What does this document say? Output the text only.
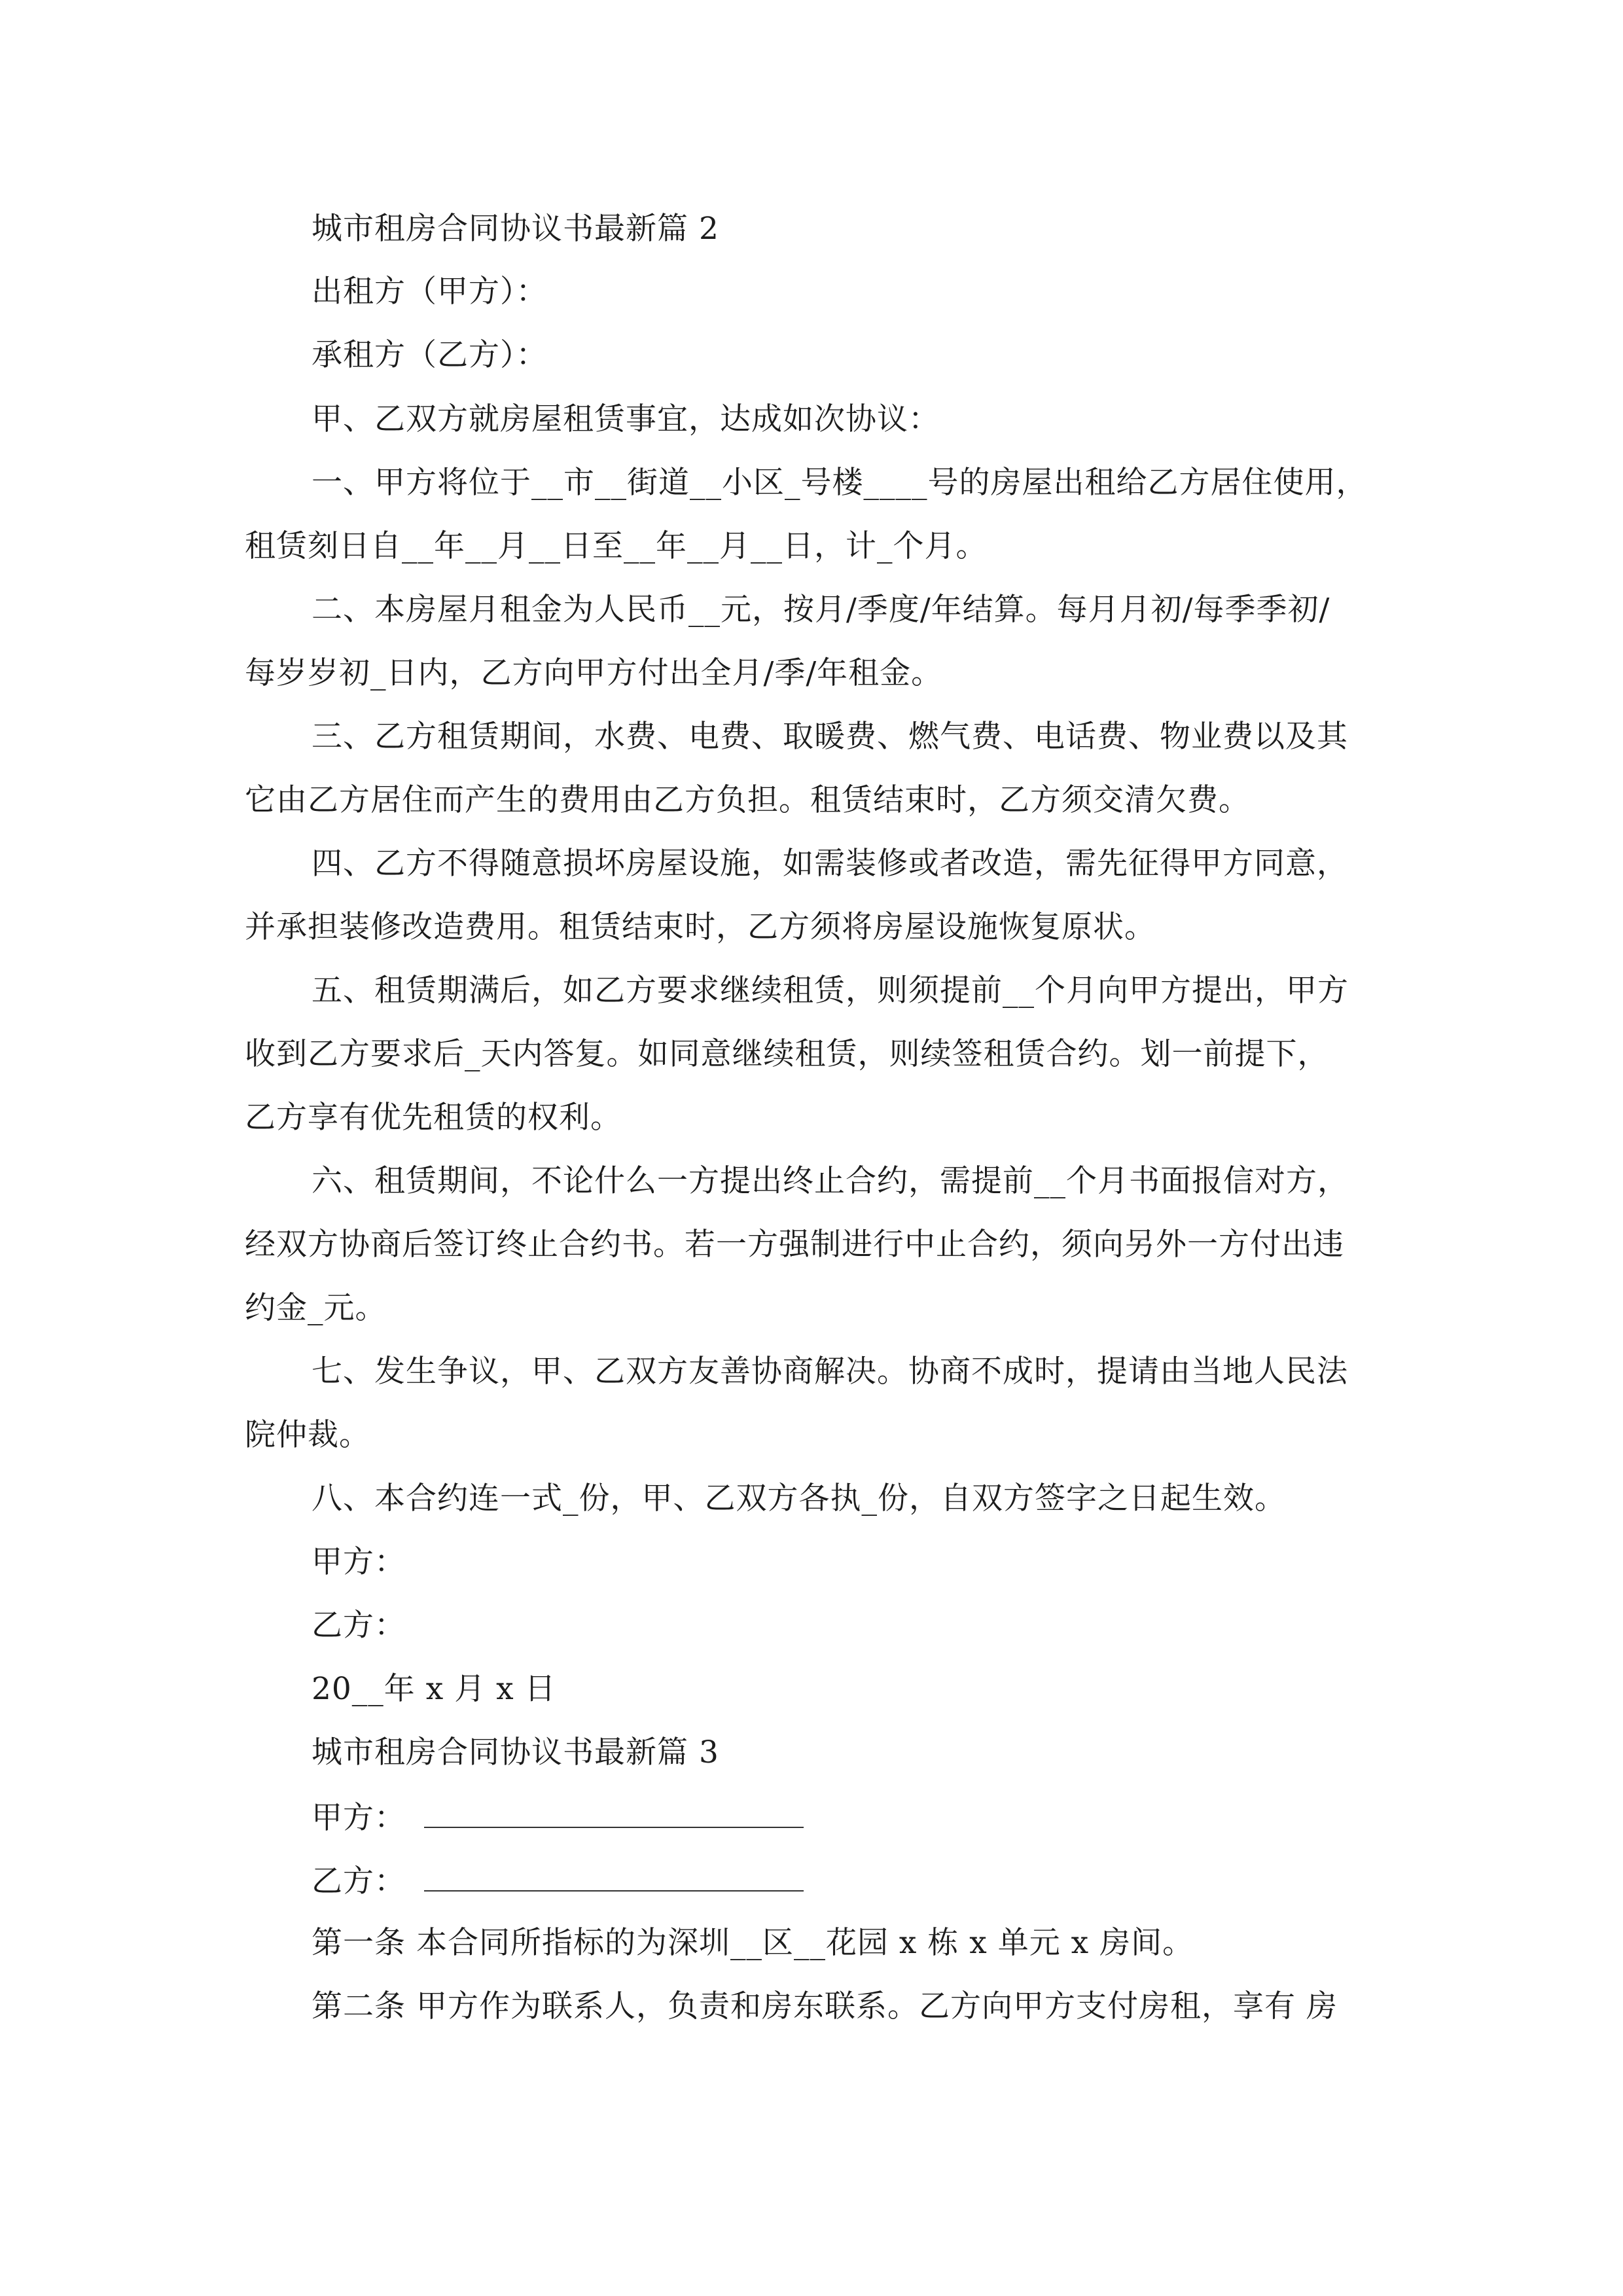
城市租房合同协议书最新篇 2
出租方（甲方）：
承租方（乙方）：
甲、乙双方就房屋租赁事宜，达成如次协议：
一、甲方将位于__市__街道__小区_号楼____号的房屋出租给乙方居住使用，
租赁刻日自__年__月__日至__年__月__日，计_个月。
二、本房屋月租金为人民币__元，按月/季度/年结算。每月月初/每季季初/
每岁岁初_日内，乙方向甲方付出全月/季/年租金。
三、乙方租赁期间，水费、电费、取暖费、燃气费、电话费、物业费以及其
它由乙方居住而产生的费用由乙方负担。租赁结束时，乙方须交清欠费。
四、乙方不得随意损坏房屋设施，如需装修或者改造，需先征得甲方同意，
并承担装修改造费用。租赁结束时，乙方须将房屋设施恢复原状。
五、租赁期满后，如乙方要求继续租赁，则须提前__个月向甲方提出，甲方
收到乙方要求后_天内答复。如同意继续租赁，则续签租赁合约。划一前提下，
乙方享有优先租赁的权利。
六、租赁期间，不论什么一方提出终止合约，需提前__个月书面报信对方，
经双方协商后签订终止合约书。若一方强制进行中止合约，须向另外一方付出违
约金_元。
七、发生争议，甲、乙双方友善协商解决。协商不成时，提请由当地人民法
院仲裁。
八、本合约连一式_份，甲、乙双方各执_份，自双方签字之日起生效。
甲方：
乙方：
20__年 x 月 x 日
城市租房合同协议书最新篇 3
甲方：
乙方：
第一条 本合同所指标的为深圳__区__花园 x 栋 x 单元 x 房间。
第二条 甲方作为联系人，负责和房东联系。乙方向甲方支付房租，享有 房
